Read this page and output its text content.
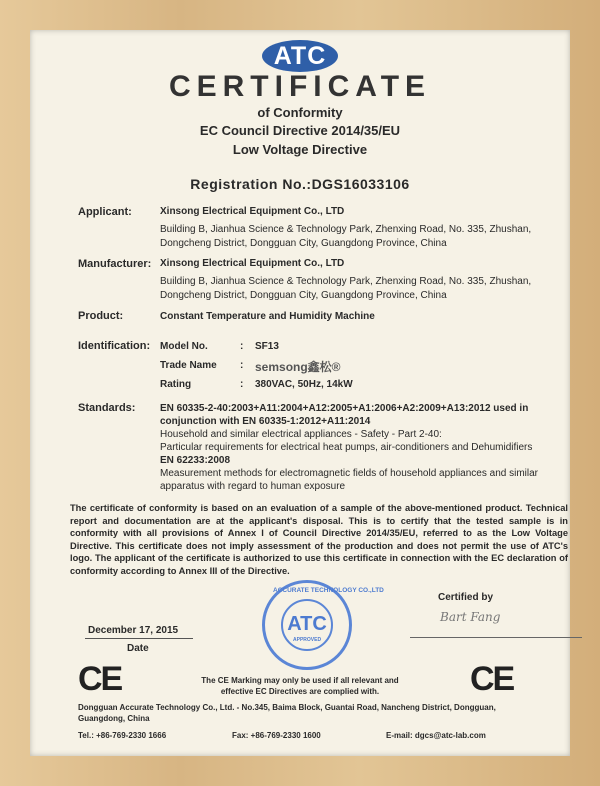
ATC
CERTIFICATE
of Conformity
EC Council Directive 2014/35/EU
Low Voltage Directive
Registration No.:DGS16033106
Applicant:	Xinsong Electrical Equipment Co., LTD
Building B, Jianhua Science & Technology Park, Zhenxing Road, No. 335, Zhushan,
Dongcheng District, Dongguan City, Guangdong Province, China
Manufacturer: Xinsong Electrical Equipment Co., LTD
Building B, Jianhua Science & Technology Park, Zhenxing Road, No. 335, Zhushan,
Dongcheng District, Dongguan City, Guangdong Province, China
Product:	Constant Temperature and Humidity Machine
Identification: Model No.	: SF13
Trade Name : semsong鑫松®
Rating	: 380VAC, 50Hz, 14kW
Standards: EN 60335-2-40:2003+A11:2004+A12:2005+A1:2006+A2:2009+A13:2012 used in
conjunction with EN 60335-1:2012+A11:2014
Household and similar electrical appliances - Safety - Part 2-40:
Particular requirements for electrical heat pumps, air-conditioners and Dehumidifiers
EN 62233:2008
Measurement methods for electromagnetic fields of household appliances and similar
apparatus with regard to human exposure
The certificate of conformity is based on an evaluation of a sample of the above-mentioned product. Technical report and documentation are at the applicant's disposal. This is to certify that the tested sample is in conformity with all provisions of Annex I of Council Directive 2014/35/EU, referred to as the Low Voltage Directive. This certificate does not imply assessment of the production and does not permit the use of ATC's logo. The applicant of the certificate is authorized to use this certificate in connection with the EC declaration of conformity according to Annex III of the Directive.
December 17, 2015
Date
ATC
ACCURATE TECHNOLOGY CO.,LTD
APPROVED
Certified by
Bart Fang
CE	CE
The CE Marking may only be used if all relevant and
effective EC Directives are complied with.
Dongguan Accurate Technology Co., Ltd. - No.345, Baima Block, Guantai Road, Nancheng District, Dongguan,
Guangdong, China
Tel.: +86-769-2330 1666	Fax: +86-769-2330 1600	E-mail: dgcs@atc-lab.com
